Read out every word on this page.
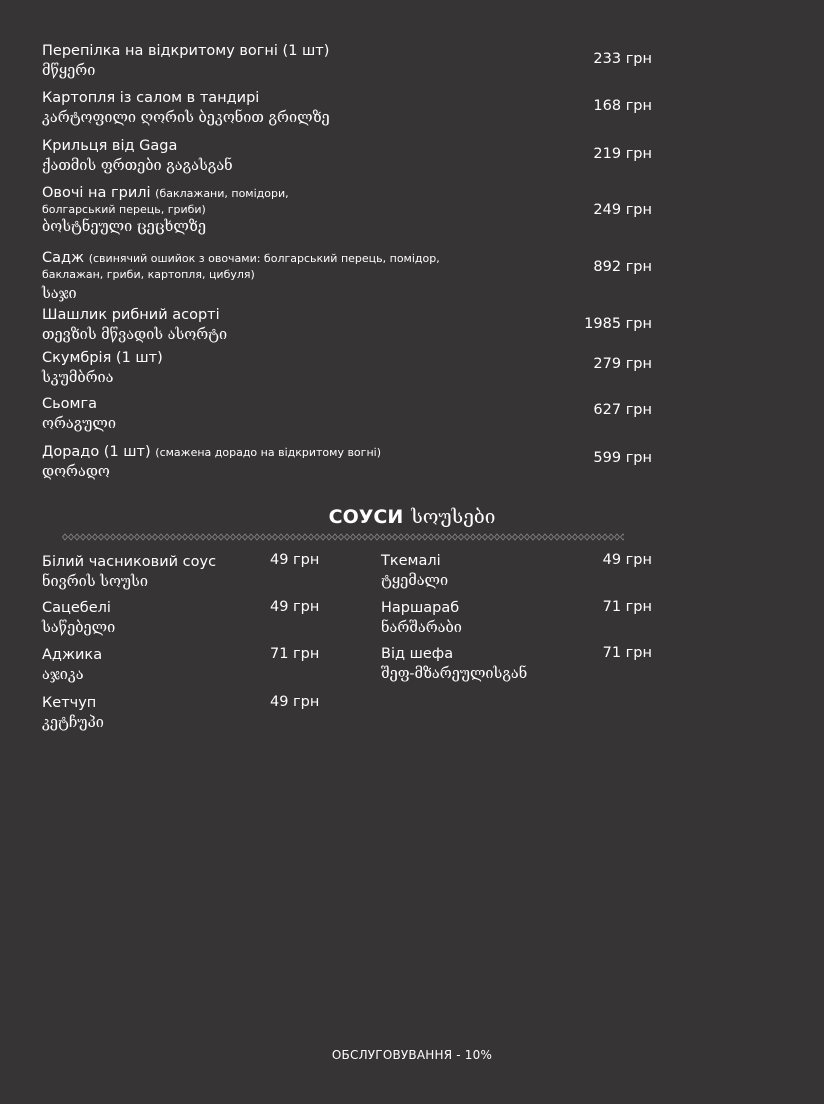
Перепілка на відкритому вогні (1 шт)
მწყერი
233 грн
Картопля із салом в тандирі
კარტოფილი ღორის ბეკონით გრილზე
168 грн
Крильця від Gaga
ქათმის ფრთები გაგასგან
219 грн
Овочі на грилі (баклажани, помідори,
болгарський перець, гриби)
ბოსტნეული ცეცხლზე
249 грн
Садж (свинячий ошийок з овочами: болгарський перець, помідор,
баклажан, гриби, картопля, цибуля)
საჯი
892 грн
Шашлик рибний асорті
თევზის მწვადის ასორტი
1985 грн
Скумбрія (1 шт)
სკუმბრია
279 грн
Сьомга
ორაგული
627 грн
Дорадо (1 шт) (смажена дорадо на відкритому вогні)
დორადო
599 грн
СОУСИ სოუსები
Білий часниковий соус
ნივრის სოუსი
49 грн
Сацебелі
საწებელი
49 грн
Аджика
აჯიკა
71 грн
Кетчуп
კეტჩუპი
49 грн
Ткемалі
ტყემალი
49 грн
Наршараб
ნარშარაბი
71 грн
Від шефа
შეფ-მზარეულისგან
71 грн
ОБСЛУГОВУВАННЯ - 10%
